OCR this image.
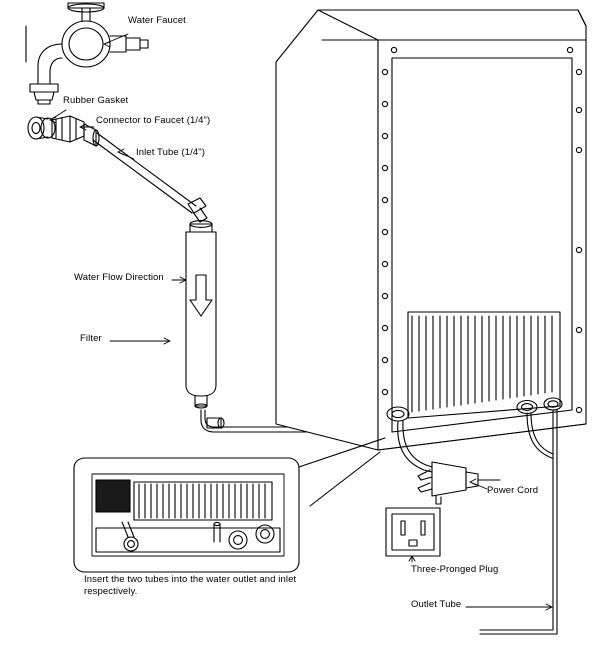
Water Faucet
Rubber Gasket
Connector to Faucet (1/4")
Inlet Tube (1/4")
Water Flow Direction
Filter
Power Cord
Three-Pronged Plug
Outlet Tube
Insert the two tubes into the water outlet and inlet respectively.
